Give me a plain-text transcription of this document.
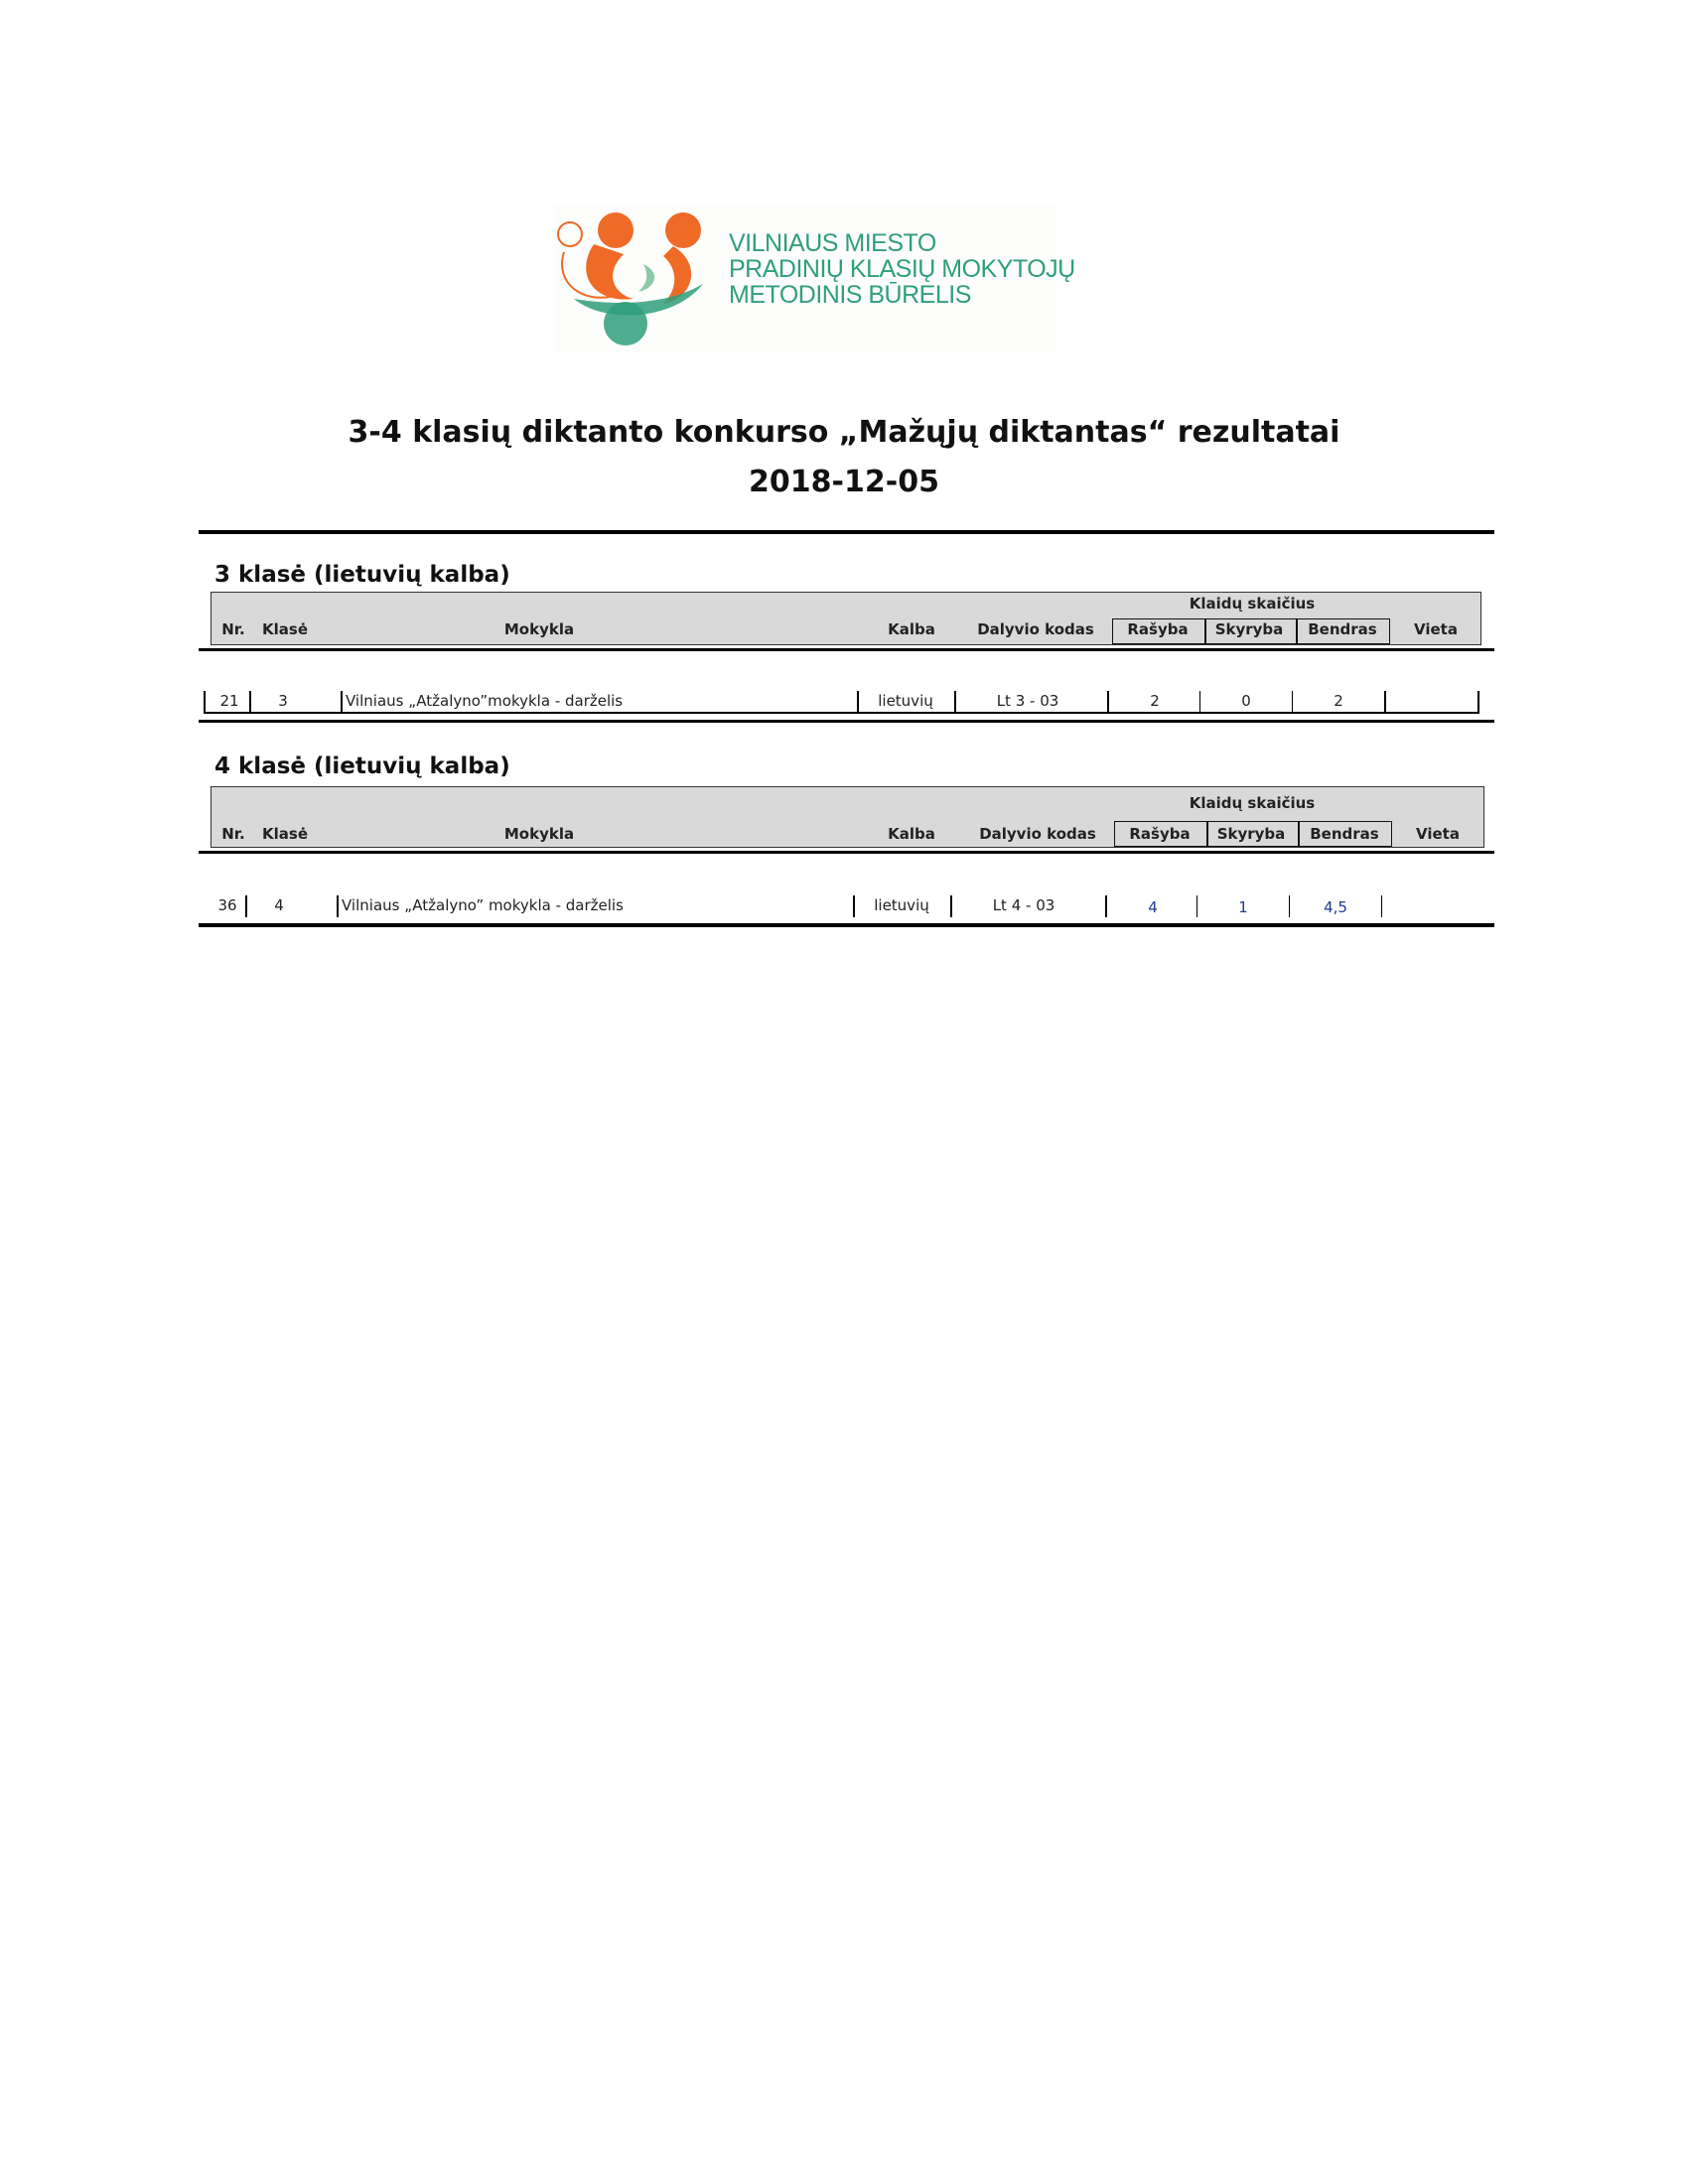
VILNIAUS MIESTO
PRADINIŲ KLASIŲ MOKYTOJŲ
METODINIS BŪRELIS
3-4 klasių diktanto konkurso „Mažųjų diktantas“ rezultatai
2018-12-05
3 klasė (lietuvių kalba)
Klaidų skaičius
Nr.	Klasė	Mokykla	Kalba	Dalyvio kodas	Rašyba	Skyryba	Bendras	Vieta
21	3	Vilniaus „Atžalyno”mokykla - darželis	lietuvių	Lt 3 - 03	2	0	2
4 klasė (lietuvių kalba)
Klaidų skaičius
Nr.	Klasė	Mokykla	Kalba	Dalyvio kodas	Rašyba	Skyryba	Bendras	Vieta
36	4	Vilniaus „Atžalyno” mokykla - darželis	lietuvių	Lt 4 - 03	4	1	4,5
